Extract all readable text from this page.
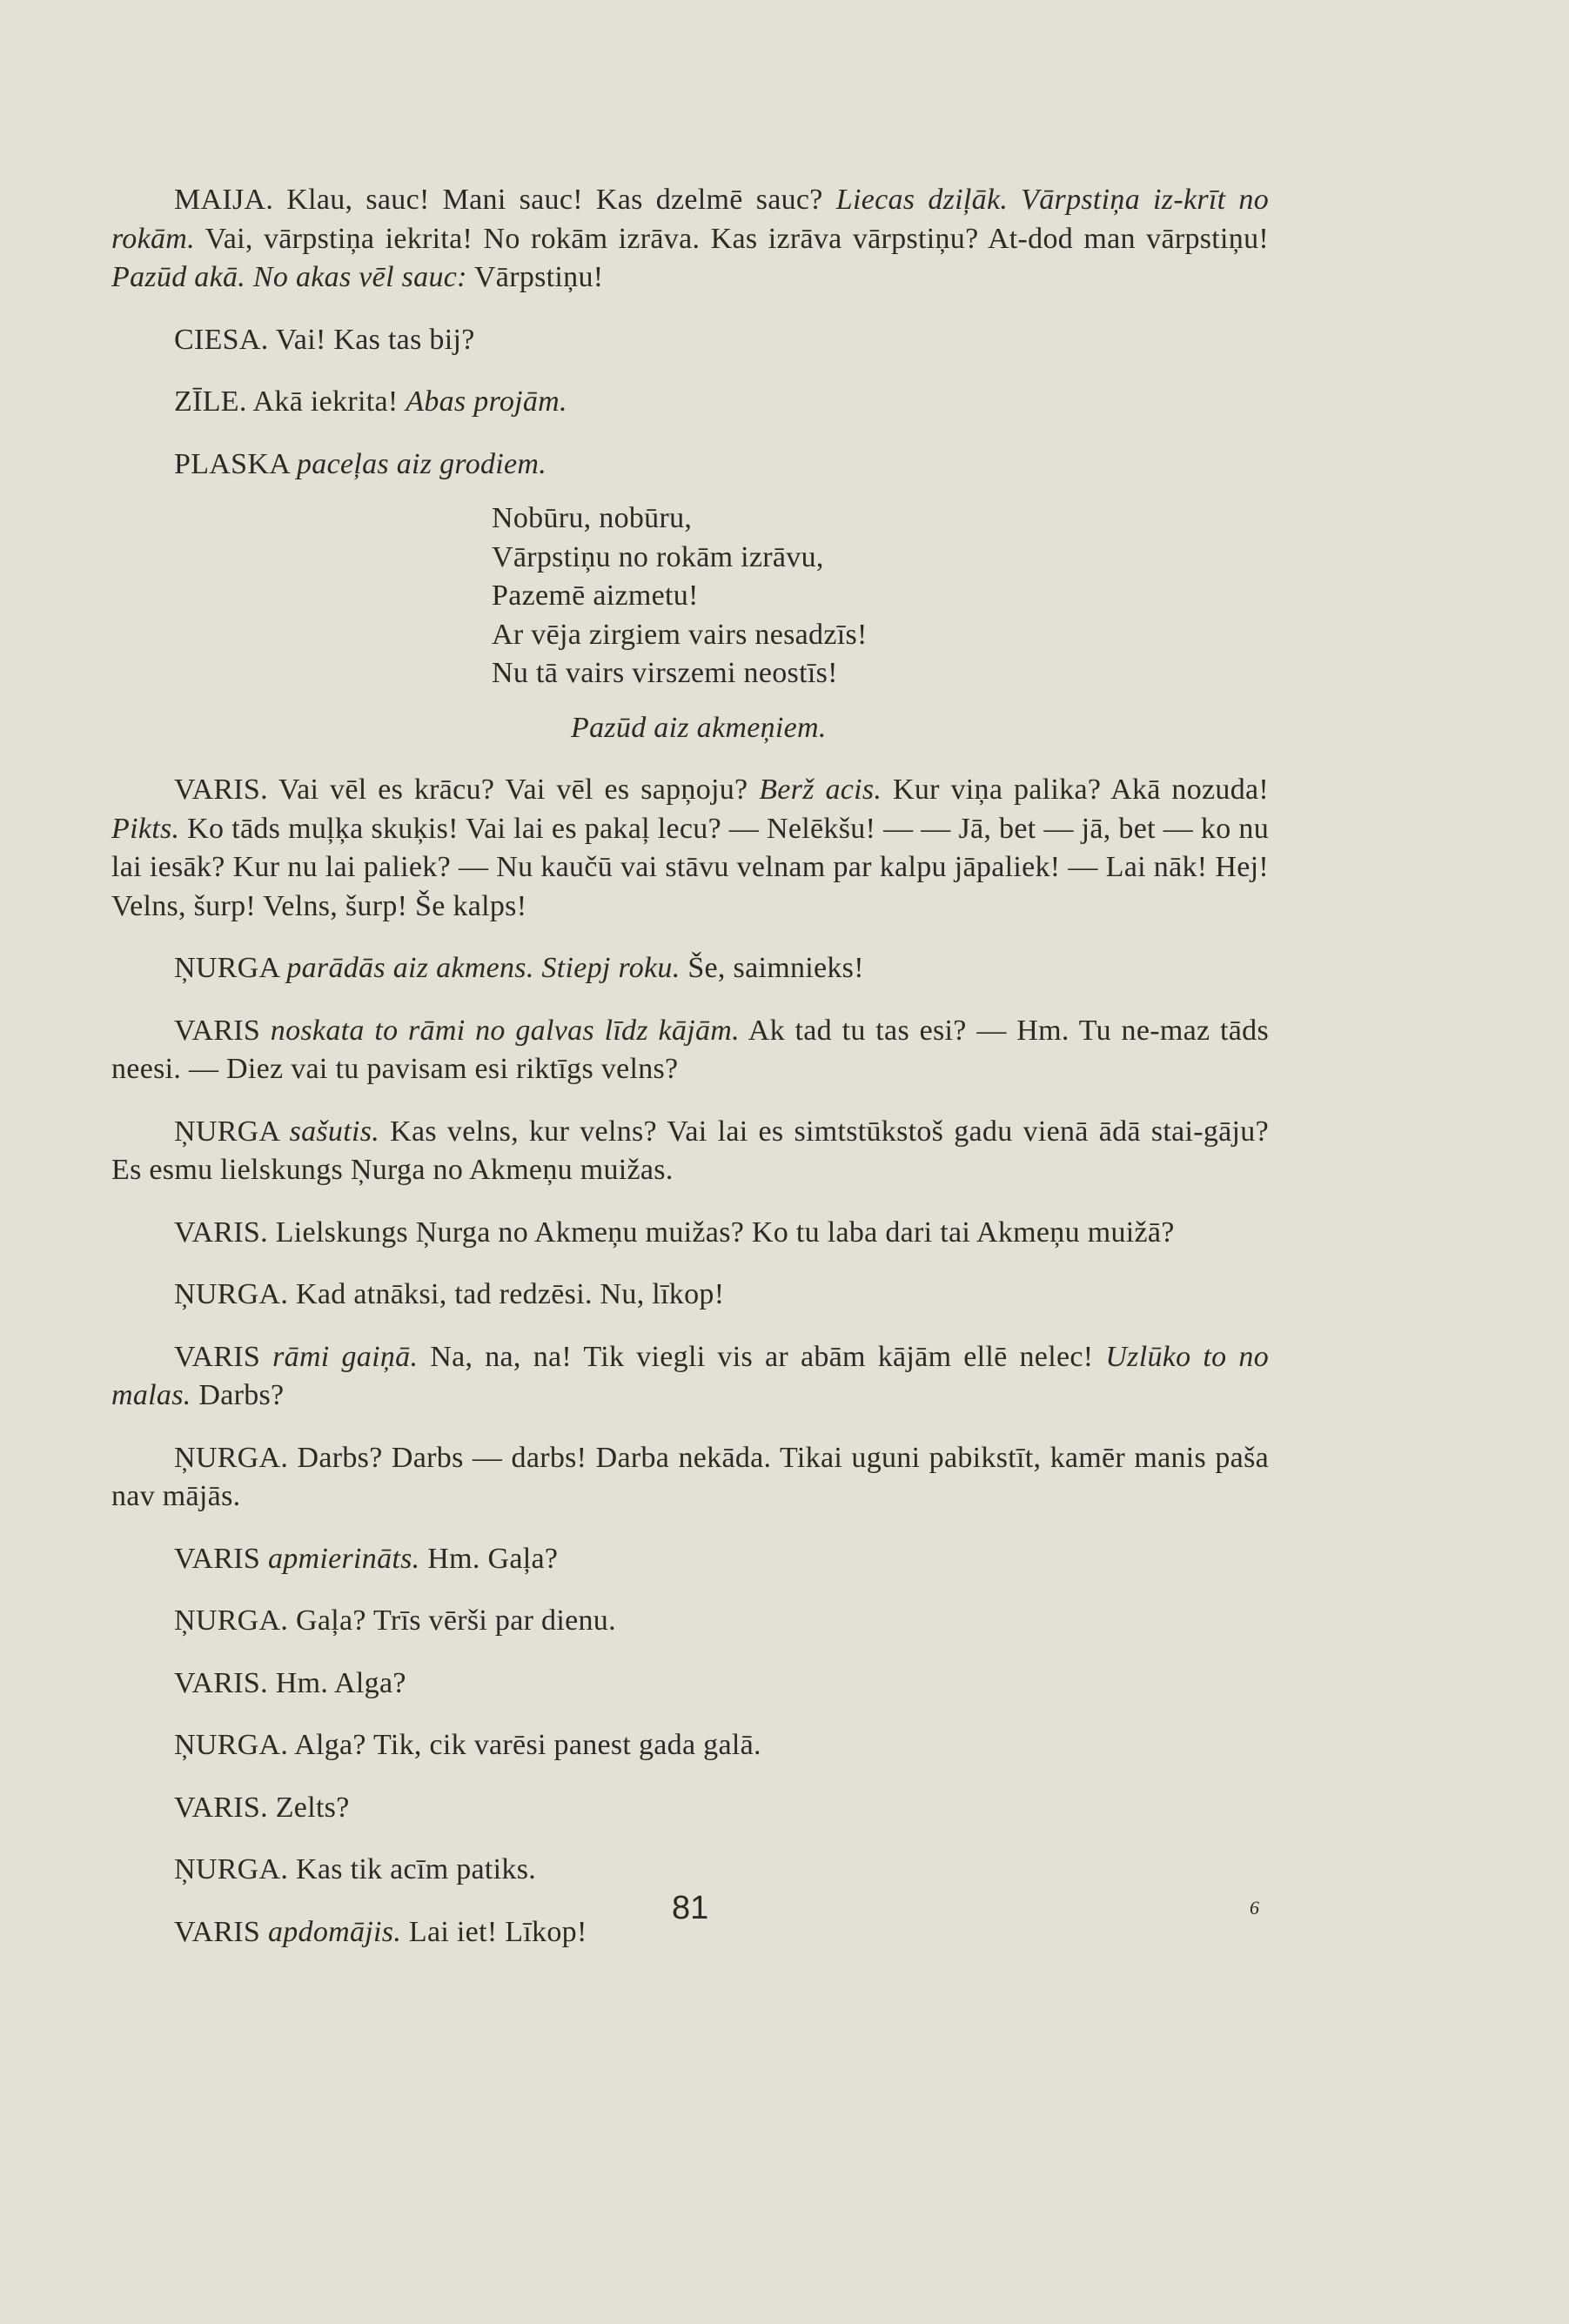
MAIJA. Klau, sauc! Mani sauc! Kas dzelmē sauc? Liecas dziļāk. Vārpstiņa iz-krīt no rokām. Vai, vārpstiņa iekrita! No rokām izrāva. Kas izrāva vārpstiņu? At-dod man vārpstiņu! Pazūd akā. No akas vēl sauc: Vārpstiņu!

CIESA. Vai! Kas tas bij?

ZĪLE. Akā iekrita! Abas projām.

PLASKA paceļas aiz grodiem.

Nobūru, nobūru,
Vārpstiņu no rokām izrāvu,
Pazemē aizmetu!
Ar vēja zirgiem vairs nesadzīs!
Nu tā vairs virszemi neostīs!
Pazūd aiz akmeņiem.

VARIS. Vai vēl es krācu? Vai vēl es sapņoju? Berž acis. Kur viņa palika? Akā nozuda! Pikts. Ko tāds muļķa skuķis! Vai lai es pakaļ lecu? — Nelēkšu! — — Jā, bet — jā, bet — ko nu lai iesāk? Kur nu lai paliek? — Nu kaučū vai stāvu velnam par kalpu jāpaliek! — Lai nāk! Hej! Velns, šurp! Velns, šurp! Še kalps!

ŅURGA parādās aiz akmens. Stiepj roku. Še, saimnieks!

VARIS noskata to rāmi no galvas līdz kājām. Ak tad tu tas esi? — Hm. Tu ne-maz tāds neesi. — Diez vai tu pavisam esi riktīgs velns?

ŅURGA sašutis. Kas velns, kur velns? Vai lai es simtstūkstoš gadu vienā ādā stai-gāju? Es esmu lielskungs Ņurga no Akmeņu muižas.

VARIS. Lielskungs Ņurga no Akmeņu muižas? Ko tu laba dari tai Akmeņu muižā?

ŅURGA. Kad atnāksi, tad redzēsi. Nu, līkop!

VARIS rāmi gaiņā. Na, na, na! Tik viegli vis ar abām kājām ellē nelec! Uzlūko to no malas. Darbs?

ŅURGA. Darbs? Darbs — darbs! Darba nekāda. Tikai uguni pabikstīt, kamēr manis paša nav mājās.

VARIS apmierināts. Hm. Gaļa?

ŅURGA. Gaļa? Trīs vērši par dienu.

VARIS. Hm. Alga?

ŅURGA. Alga? Tik, cik varēsi panest gada galā.

VARIS. Zelts?

ŅURGA. Kas tik acīm patiks.

VARIS apdomājis. Lai iet! Līkop!

81	6
